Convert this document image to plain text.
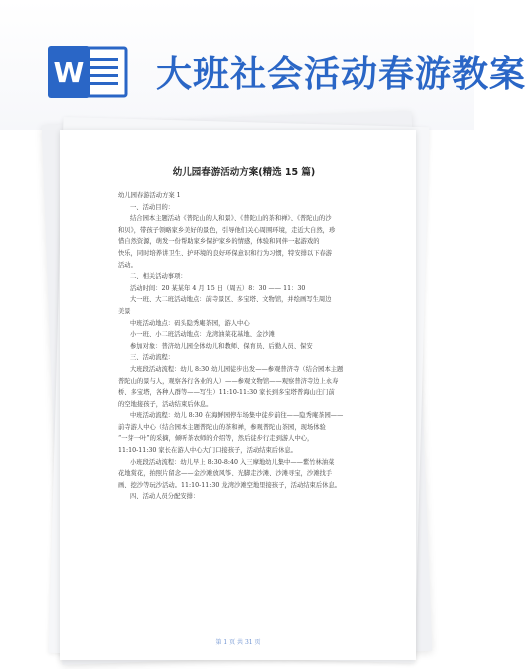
W 大班社会活动春游教案
幼儿园春游活动方案(精选 15 篇)
幼儿园春游活动方案 1
一、活动目的：
结合园本主题活动《普陀山的人和景》、《普陀山的茶和禅》、《普陀山的沙
和贝》，带孩子领略家乡美好的景色，引导他们关心周围环境，走近大自然，珍
惜自然资源，萌发一份帮助家乡保护家乡的情感，体验和同伴一起游戏的
快乐，同时培养讲卫生、护环境的良好环保意识和行为习惯，特安排以下春游
活动。
二、相关活动事项：
活动时间：20 某某年 4 月 15 日（周五）8：30 —— 11：30
大一班、大二班活动地点：前寺景区、多宝塔、文物馆，并绘画写生周边
美景
中班活动地点：码头隐秀庵茶园，游人中心
小一班、小二班活动地点：龙湾油菜花基地、金沙滩
参加对象：普济幼儿园全体幼儿和教师、保育员、后勤人员、保安
三、活动流程：
大班段活动流程：幼儿 8:30 幼儿园徒步出发——参观普济寺（结合园本主题
普陀山的景与人，观察各行各业的人）——参观文物馆——观察普济寺边上永寿
桥、多宝塔，各种人群等——写生）11:10-11:30 家长到多宝塔普海山庄门前
的空地接孩子，活动结束后休息。
中班活动流程：幼儿 8:30 在海鲜园停车场集中徒步前往——隐秀庵茶园——
前寺游人中心（结合园本主题普陀山的茶和禅，参观普陀山茶园，现场体验
“一芽一叶”的采摘，倾听茶农师的介绍等，然后徒步行走到游人中心，
11:10-11:30 家长在游人中心大门口接孩子，活动结束后休息。
小班段活动流程：幼儿早上 8:30-8:40 入三摩地幼儿集中——紫竹林油菜
花地赏花，拍照片留念——金沙滩放风筝、光脚走沙滩、沙滩寻宝，沙滩找手
画、挖沙等玩沙活动。11:10-11:30 龙湾沙滩空地里接孩子，活动结束后休息。
四、活动人员分配安排：
第 1 页 共 31 页
